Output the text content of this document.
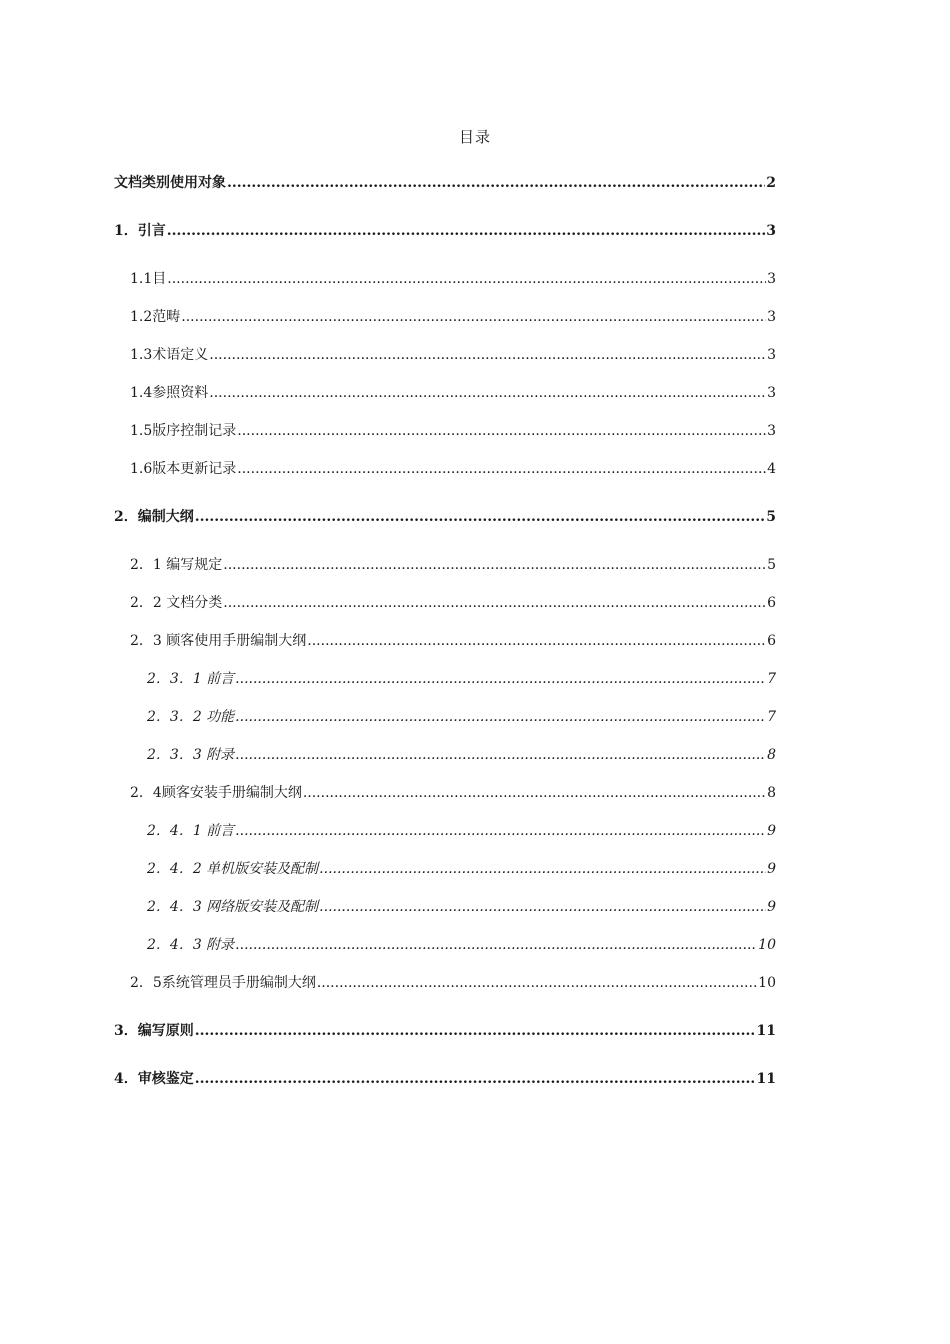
目录
文档类别使用对象 .....	2
1．引言 .....	3
1.1目 .....	3
1.2范畴 .....	3
1.3术语定义 .....	3
1.4参照资料 .....	3
1.5版序控制记录 .....	3
1.6版本更新记录 .....	4
2．编制大纲 .....	5
2．1 编写规定 .....	5
2．2 文档分类 .....	6
2．3 顾客使用手册编制大纲 .....	6
2．3．1 前言 .....	7
2．3．2 功能 .....	7
2．3．3 附录 .....	8
2．4顾客安装手册编制大纲 .....	8
2．4．1 前言 .....	9
2．4．2 单机版安装及配制 .....	9
2．4．3 网络版安装及配制 .....	9
2．4．3 附录 .....	10
2．5系统管理员手册编制大纲 .....	10
3．编写原则 .....	11
4．审核鉴定 .....	11
